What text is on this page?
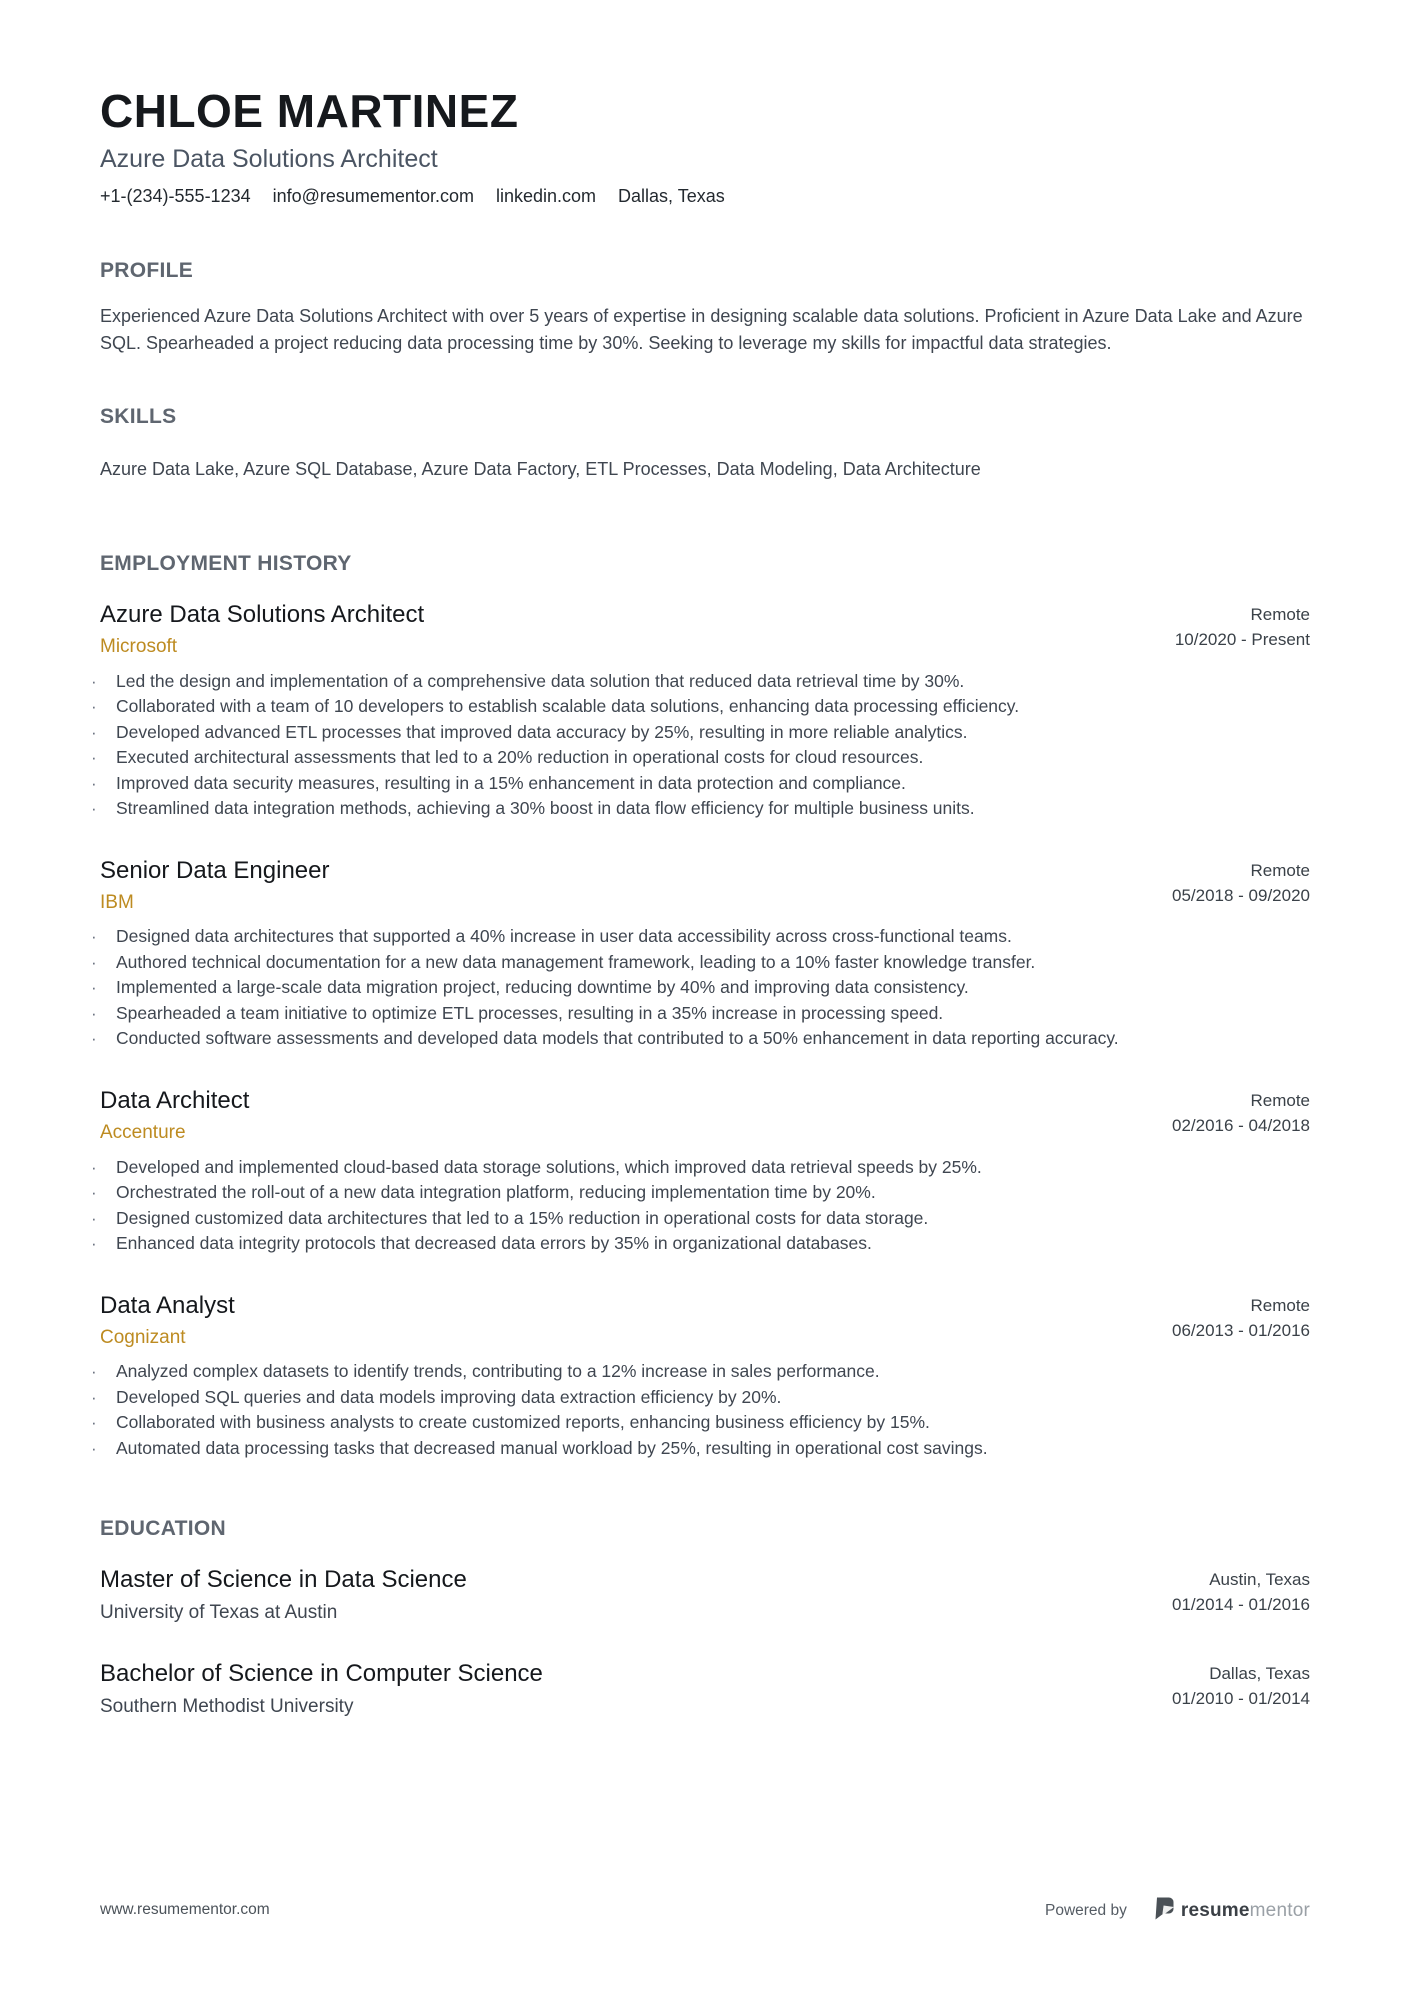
CHLOE MARTINEZ
Azure Data Solutions Architect
+1-(234)-555-1234 info@resumementor.com linkedin.com Dallas, Texas
PROFILE

Experienced Azure Data Solutions Architect with over 5 years of expertise in designing scalable data solutions. Proficient in Azure Data Lake and Azure SQL. Spearheaded a project reducing data processing time by 30%. Seeking to leverage my skills for impactful data strategies.

SKILLS

Azure Data Lake, Azure SQL Database, Azure Data Factory, ETL Processes, Data Modeling, Data Architecture

EMPLOYMENT HISTORY
Azure Data Solutions Architect
Microsoft
Remote
10/2020 - Present
· Led the design and implementation of a comprehensive data solution that reduced data retrieval time by 30%.
· Collaborated with a team of 10 developers to establish scalable data solutions, enhancing data processing efficiency.
· Developed advanced ETL processes that improved data accuracy by 25%, resulting in more reliable analytics.
· Executed architectural assessments that led to a 20% reduction in operational costs for cloud resources.
· Improved data security measures, resulting in a 15% enhancement in data protection and compliance.
· Streamlined data integration methods, achieving a 30% boost in data flow efficiency for multiple business units.
Senior Data Engineer
IBM
Remote
05/2018 - 09/2020
· Designed data architectures that supported a 40% increase in user data accessibility across cross-functional teams.
· Authored technical documentation for a new data management framework, leading to a 10% faster knowledge transfer.
· Implemented a large-scale data migration project, reducing downtime by 40% and improving data consistency.
· Spearheaded a team initiative to optimize ETL processes, resulting in a 35% increase in processing speed.
· Conducted software assessments and developed data models that contributed to a 50% enhancement in data reporting accuracy.
Data Architect
Accenture
Remote
02/2016 - 04/2018
· Developed and implemented cloud-based data storage solutions, which improved data retrieval speeds by 25%.
· Orchestrated the roll-out of a new data integration platform, reducing implementation time by 20%.
· Designed customized data architectures that led to a 15% reduction in operational costs for data storage.
· Enhanced data integrity protocols that decreased data errors by 35% in organizational databases.
Data Analyst
Cognizant
Remote
06/2013 - 01/2016
· Analyzed complex datasets to identify trends, contributing to a 12% increase in sales performance.
· Developed SQL queries and data models improving data extraction efficiency by 20%.
· Collaborated with business analysts to create customized reports, enhancing business efficiency by 15%.
· Automated data processing tasks that decreased manual workload by 25%, resulting in operational cost savings.
EDUCATION
Master of Science in Data Science
University of Texas at Austin
Austin, Texas
01/2014 - 01/2016
Bachelor of Science in Computer Science
Southern Methodist University
Dallas, Texas
01/2010 - 01/2014
www.resumementor.com	Powered by	resumementor
